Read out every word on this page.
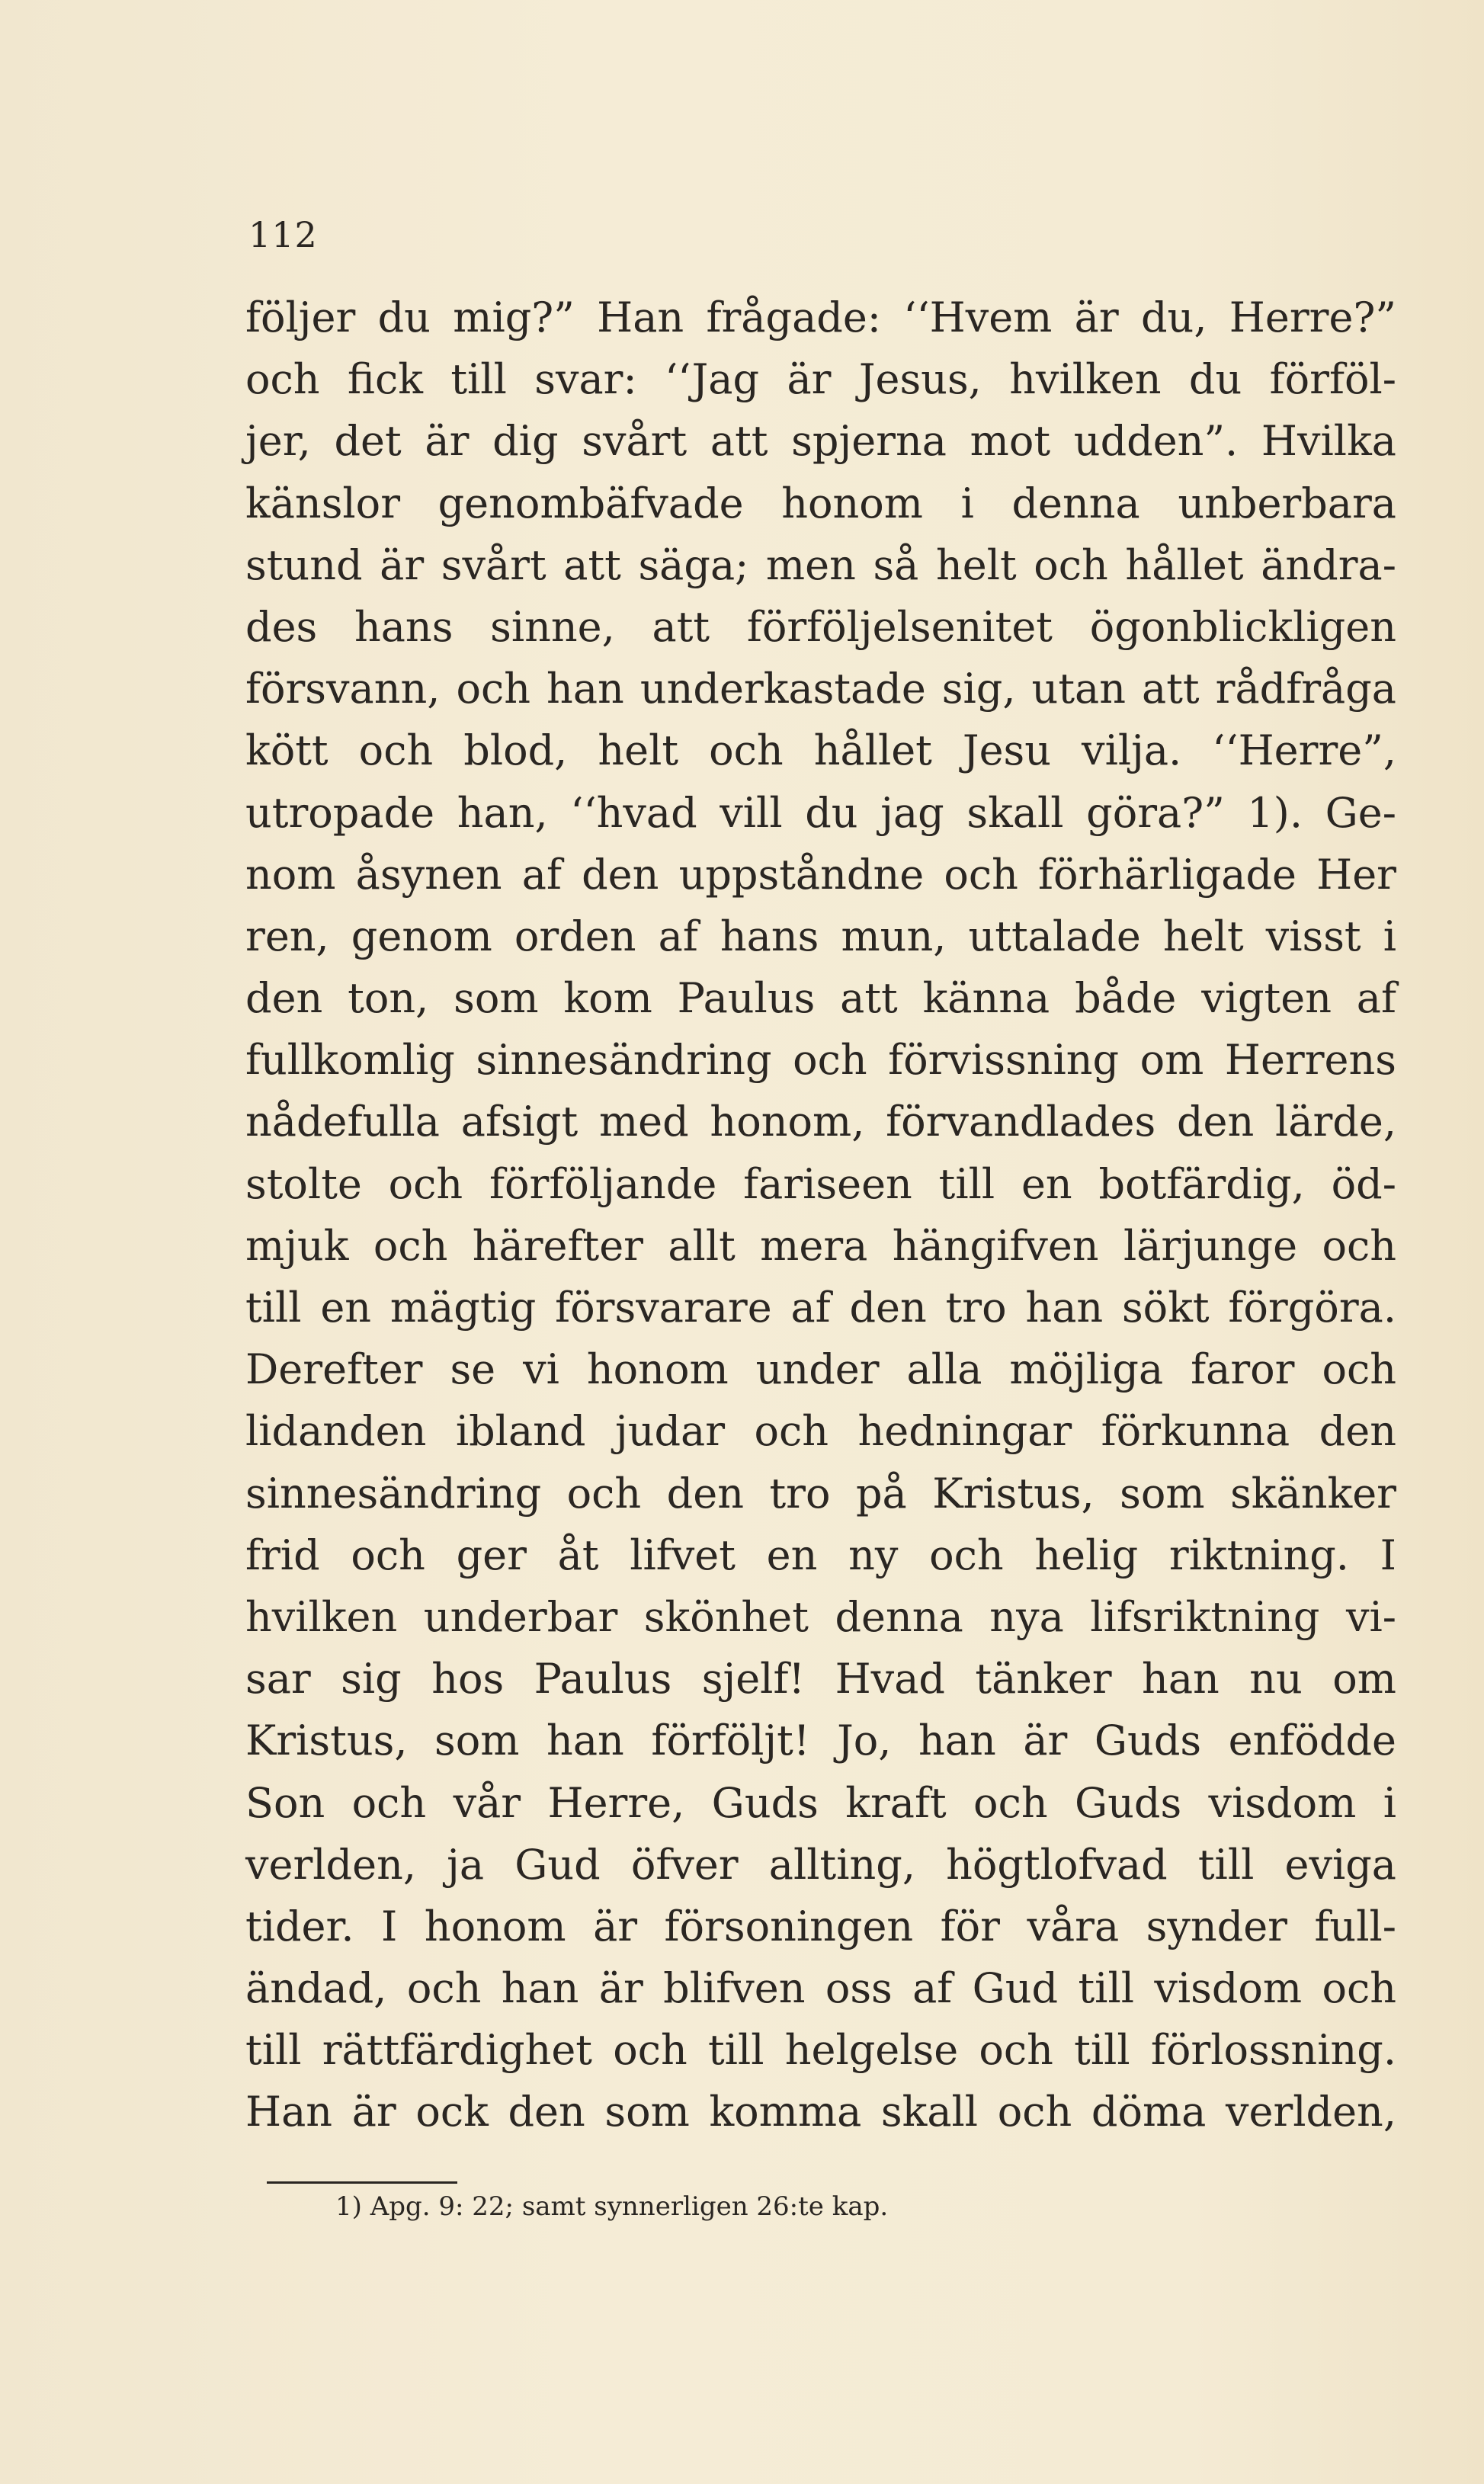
112
följer du mig?” Han frågade: ‘‘Hvem är du, Herre?”
och fick till svar: ‘‘Jag är Jesus, hvilken du förföl-
jer, det är dig svårt att spjerna mot udden”. Hvilka
känslor genombäfvade honom i denna unberbara
stund är svårt att säga; men så helt och hållet ändra-
des hans sinne, att förföljelsenitet ögonblickligen
försvann, och han underkastade sig, utan att rådfråga
kött och blod, helt och hållet Jesu vilja. ‘‘Herre”,
utropade han, ‘‘hvad vill du jag skall göra?” 1). Ge-
nom åsynen af den uppståndne och förhärligade Her
ren, genom orden af hans mun, uttalade helt visst i
den ton, som kom Paulus att känna både vigten af
fullkomlig sinnesändring och förvissning om Herrens
nådefulla afsigt med honom, förvandlades den lärde,
stolte och förföljande fariseen till en botfärdig, öd-
mjuk och härefter allt mera hängifven lärjunge och
till en mägtig försvarare af den tro han sökt förgöra.
Derefter se vi honom under alla möjliga faror och
lidanden ibland judar och hedningar förkunna den
sinnesändring och den tro på Kristus, som skänker
frid och ger åt lifvet en ny och helig riktning. I
hvilken underbar skönhet denna nya lifsriktning vi-
sar sig hos Paulus sjelf! Hvad tänker han nu om
Kristus, som han förföljt! Jo, han är Guds enfödde
Son och vår Herre, Guds kraft och Guds visdom i
verlden, ja Gud öfver allting, högtlofvad till eviga
tider. I honom är försoningen för våra synder full-
ändad, och han är blifven oss af Gud till visdom och
till rättfärdighet och till helgelse och till förlossning.
Han är ock den som komma skall och döma verlden,
1) Apg. 9: 22; samt synnerligen 26:te kap.
